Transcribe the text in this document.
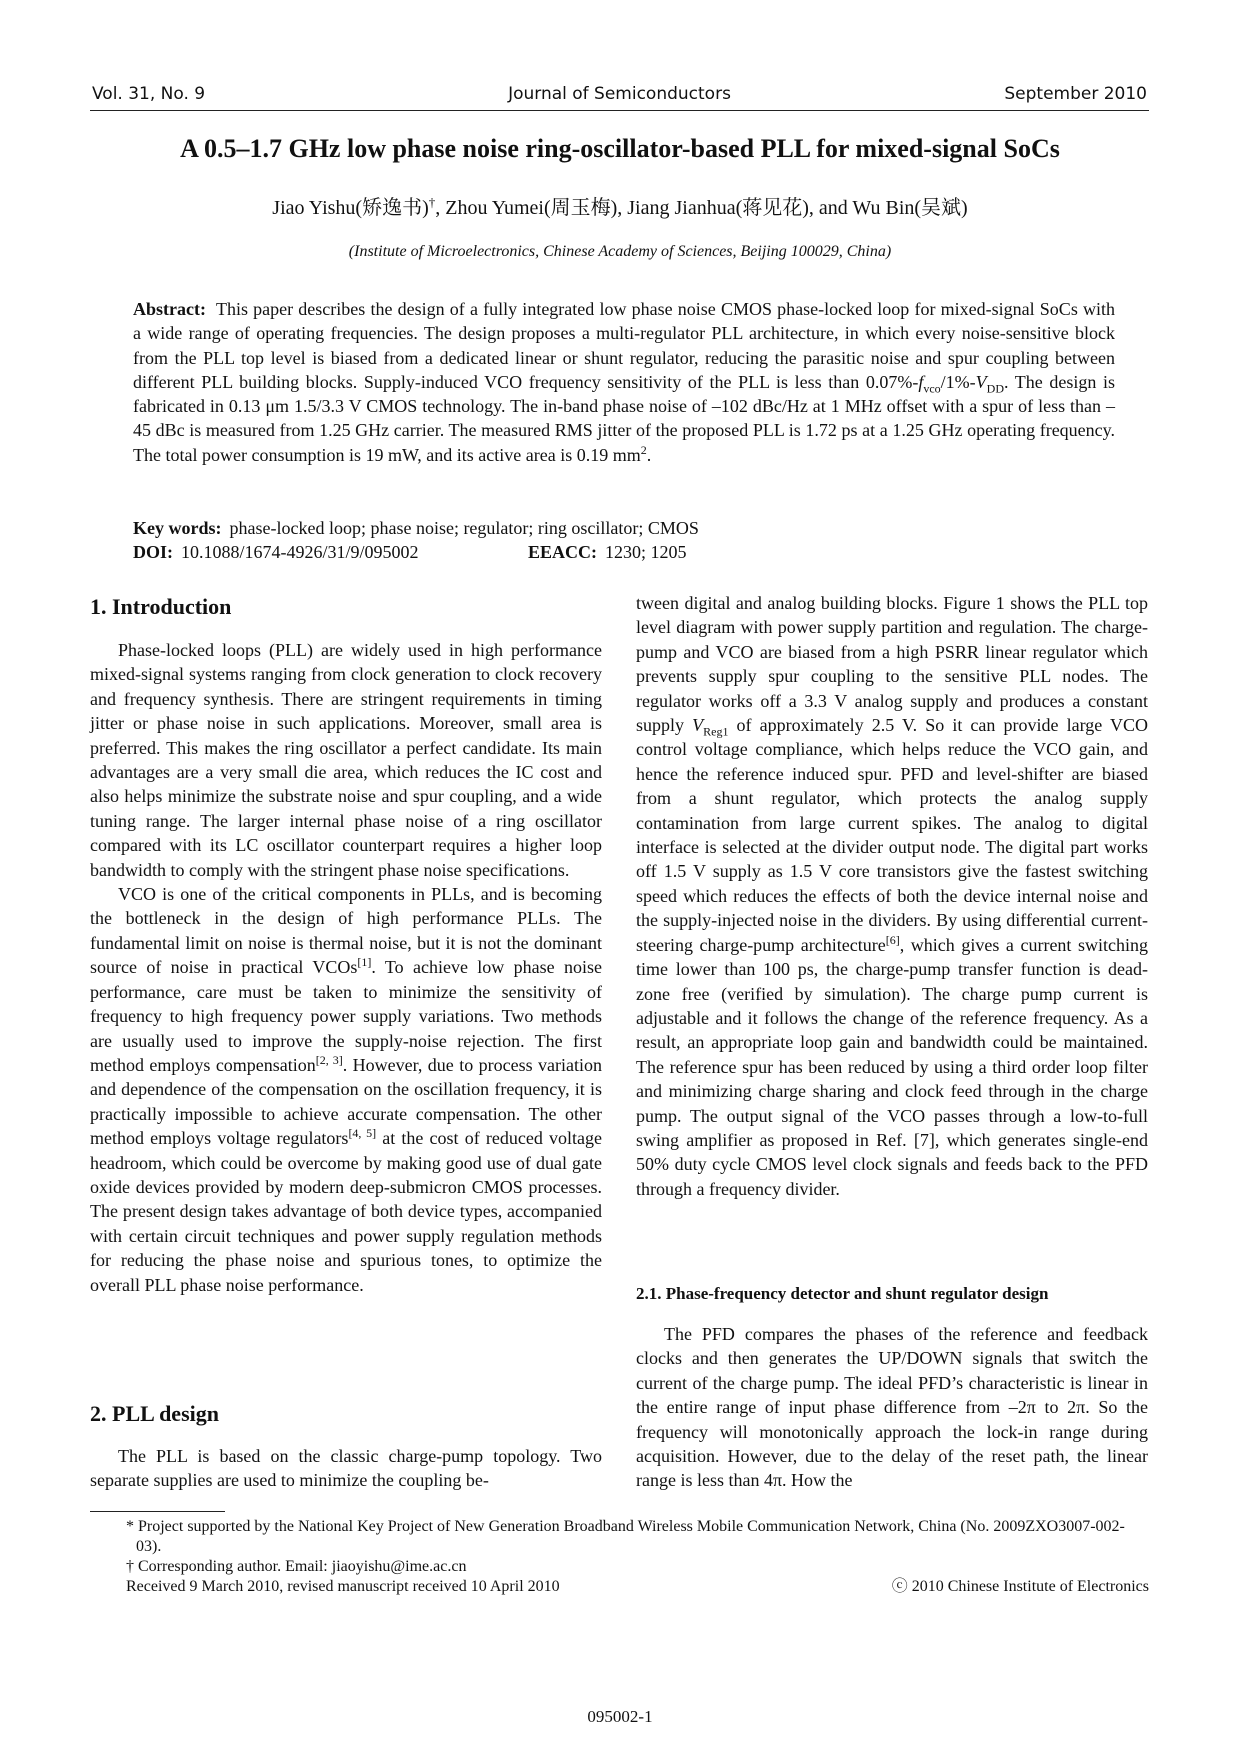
Vol. 31, No. 9	Journal of Semiconductors	September 2010
A 0.5–1.7 GHz low phase noise ring-oscillator-based PLL for mixed-signal SoCs
Jiao Yishu(矫逸书)†, Zhou Yumei(周玉梅), Jiang Jianhua(蒋见花), and Wu Bin(吴斌)
(Institute of Microelectronics, Chinese Academy of Sciences, Beijing 100029, China)
Abstract: This paper describes the design of a fully integrated low phase noise CMOS phase-locked loop for mixed-signal SoCs with a wide range of operating frequencies. The design proposes a multi-regulator PLL architecture, in which every noise-sensitive block from the PLL top level is biased from a dedicated linear or shunt regulator, reducing the parasitic noise and spur coupling between different PLL building blocks. Supply-induced VCO frequency sensitivity of the PLL is less than $0.07\%-f_{vco}/1\%-V_{DD}$. The design is fabricated in 0.13 μm 1.5/3.3 V CMOS technology. The in-band phase noise of –102 dBc/Hz at 1 MHz offset with a spur of less than –45 dBc is measured from 1.25 GHz carrier. The measured RMS jitter of the proposed PLL is 1.72 ps at a 1.25 GHz operating frequency. The total power consumption is 19 mW, and its active area is 0.19 $mm^2$.
Key words: phase-locked loop; phase noise; regulator; ring oscillator; CMOS
DOI: 10.1088/1674-4926/31/9/095002	EEACC: 1230; 1205
1. Introduction

Phase-locked loops (PLL) are widely used in high performance mixed-signal systems ranging from clock generation to clock recovery and frequency synthesis. There are stringent requirements in timing jitter or phase noise in such applications. Moreover, small area is preferred. This makes the ring oscillator a perfect candidate. Its main advantages are a very small die area, which reduces the IC cost and also helps minimize the substrate noise and spur coupling, and a wide tuning range. The larger internal phase noise of a ring oscillator compared with its LC oscillator counterpart requires a higher loop bandwidth to comply with the stringent phase noise specifications.

VCO is one of the critical components in PLLs, and is becoming the bottleneck in the design of high performance PLLs. The fundamental limit on noise is thermal noise, but it is not the dominant source of noise in practical VCOs[1]. To achieve low phase noise performance, care must be taken to minimize the sensitivity of frequency to high frequency power supply variations. Two methods are usually used to improve the supply-noise rejection. The first method employs compensation[2, 3]. However, due to process variation and dependence of the compensation on the oscillation frequency, it is practically impossible to achieve accurate compensation. The other method employs voltage regulators[4, 5] at the cost of reduced voltage headroom, which could be overcome by making good use of dual gate oxide devices provided by modern deep-submicron CMOS processes. The present design takes advantage of both device types, accompanied with certain circuit techniques and power supply regulation methods for reducing the phase noise and spurious tones, to optimize the overall PLL phase noise performance.

2. PLL design

The PLL is based on the classic charge-pump topology. Two separate supplies are used to minimize the coupling be-

tween digital and analog building blocks. Figure 1 shows the PLL top level diagram with power supply partition and regulation. The charge-pump and VCO are biased from a high PSRR linear regulator which prevents supply spur coupling to the sensitive PLL nodes. The regulator works off a 3.3 V analog supply and produces a constant supply $V_{Reg1}$ of approximately 2.5 V. So it can provide large VCO control voltage compliance, which helps reduce the VCO gain, and hence the reference induced spur. PFD and level-shifter are biased from a shunt regulator, which protects the analog supply contamination from large current spikes. The analog to digital interface is selected at the divider output node. The digital part works off 1.5 V supply as 1.5 V core transistors give the fastest switching speed which reduces the effects of both the device internal noise and the supply-injected noise in the dividers. By using differential current-steering charge-pump architecture[6], which gives a current switching time lower than 100 ps, the charge-pump transfer function is dead-zone free (verified by simulation). The charge pump current is adjustable and it follows the change of the reference frequency. As a result, an appropriate loop gain and bandwidth could be maintained. The reference spur has been reduced by using a third order loop filter and minimizing charge sharing and clock feed through in the charge pump. The output signal of the VCO passes through a low-to-full swing amplifier as proposed in Ref. [7], which generates single-end 50% duty cycle CMOS level clock signals and feeds back to the PFD through a frequency divider.

2.1. Phase-frequency detector and shunt regulator design

The PFD compares the phases of the reference and feedback clocks and then generates the UP/DOWN signals that switch the current of the charge pump. The ideal PFD’s characteristic is linear in the entire range of input phase difference from –2π to 2π. So the frequency will monotonically approach the lock-in range during acquisition. However, due to the delay of the reset path, the linear range is less than 4π. How the

* Project supported by the National Key Project of New Generation Broadband Wireless Mobile Communication Network, China (No. 2009ZXO3007-002-03).
† Corresponding author. Email: jiaoyishu@ime.ac.cn
Received 9 March 2010, revised manuscript received 10 April 2010	ⓒ 2010 Chinese Institute of Electronics
095002-1
